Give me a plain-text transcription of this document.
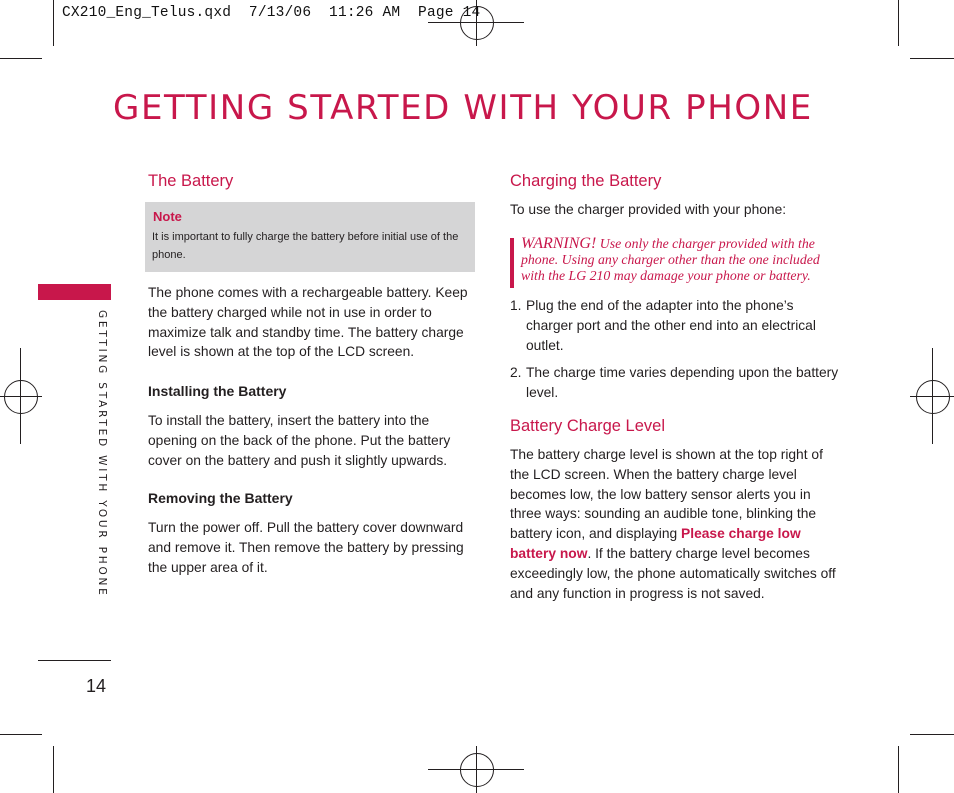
CX210_Eng_Telus.qxd  7/13/06  11:26 AM  Page 14
GETTING STARTED WITH YOUR PHONE
GETTING STARTED WITH YOUR PHONE
14
The Battery
Note
It is important to fully charge the battery before initial use of the phone.
The phone comes with a rechargeable battery. Keep the battery charged while not in use in order to maximize talk and standby time. The battery charge level is shown at the top of the LCD screen.
Installing the Battery
To install the battery, insert the battery into the opening on the back of the phone. Put the battery cover on the battery and push it slightly upwards.
Removing the Battery
Turn the power off. Pull the battery cover downward and remove it. Then remove the battery by pressing the upper area of it.
Charging the Battery
To use the charger provided with your phone:
WARNING! Use only the charger provided with the phone. Using any charger other than the one included with the LG 210 may damage your phone or battery.
1. Plug the end of the adapter into the phone’s charger port and the other end into an electrical outlet.
2. The charge time varies depending upon the battery level.
Battery Charge Level
The battery charge level is shown at the top right of the LCD screen. When the battery charge level becomes low, the low battery sensor alerts you in three ways: sounding an audible tone, blinking the battery icon, and displaying Please charge low battery now. If the battery charge level becomes exceedingly low, the phone automatically switches off and any function in progress is not saved.
